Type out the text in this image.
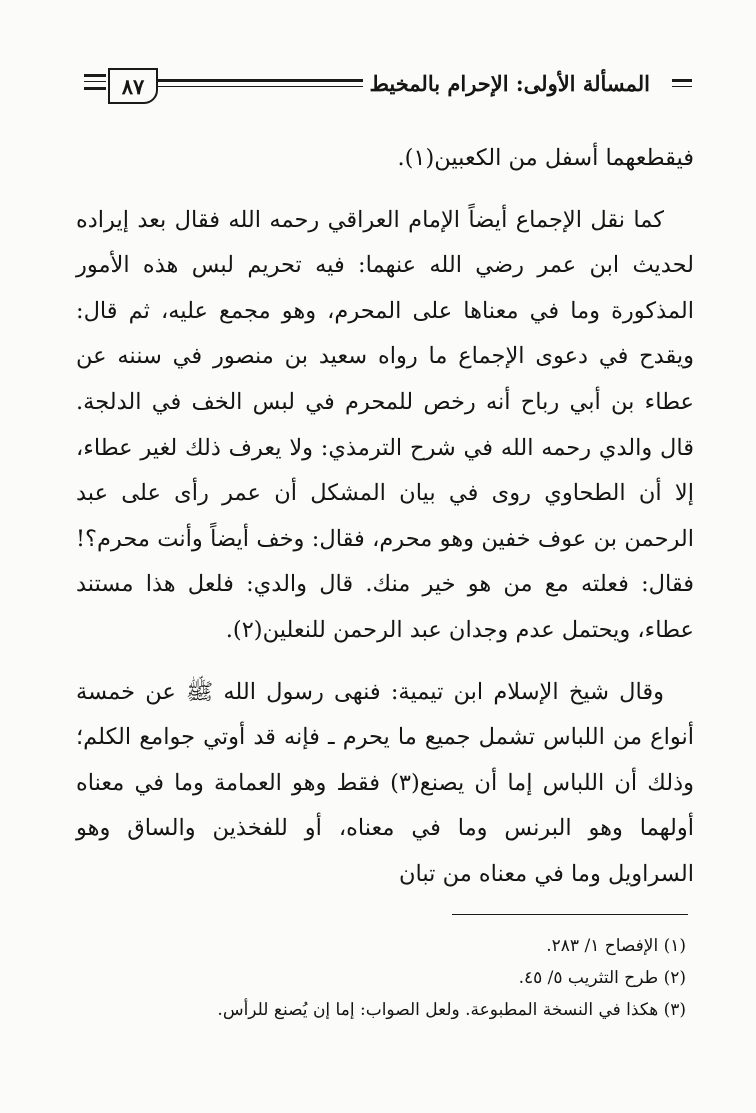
٨٧	المسألة الأولى: الإحرام بالمخيط

فيقطعهما أسفل من الكعبين(١).

كما نقل الإجماع أيضاً الإمام العراقي رحمه الله فقال بعد إيراده لحديث ابن عمر رضي الله عنهما: فيه تحريم لبس هذه الأمور المذكورة وما في معناها على المحرم، وهو مجمع عليه، ثم قال: ويقدح في دعوى الإجماع ما رواه سعيد بن منصور في سننه عن عطاء بن أبي رباح أنه رخص للمحرم في لبس الخف في الدلجة. قال والدي رحمه الله في شرح الترمذي: ولا يعرف ذلك لغير عطاء، إلا أن الطحاوي روى في بيان المشكل أن عمر رأى على عبد الرحمن بن عوف خفين وهو محرم، فقال: وخف أيضاً وأنت محرم؟! فقال: فعلته مع من هو خير منك. قال والدي: فلعل هذا مستند عطاء، ويحتمل عدم وجدان عبد الرحمن للنعلين(٢).

وقال شيخ الإسلام ابن تيمية: فنهى رسول الله ﷺ عن خمسة أنواع من اللباس تشمل جميع ما يحرم ـ فإنه قد أوتي جوامع الكلم؛ وذلك أن اللباس إما أن يصنع(٣) فقط وهو العمامة وما في معناه أولهما وهو البرنس وما في معناه، أو للفخذين والساق وهو السراويل وما في معناه من تبان

(١) الإفصاح ١/ ٢٨٣.
(٢) طرح التثريب ٥/ ٤٥.
(٣) هكذا في النسخة المطبوعة. ولعل الصواب: إما إن يُصنع للرأس.
